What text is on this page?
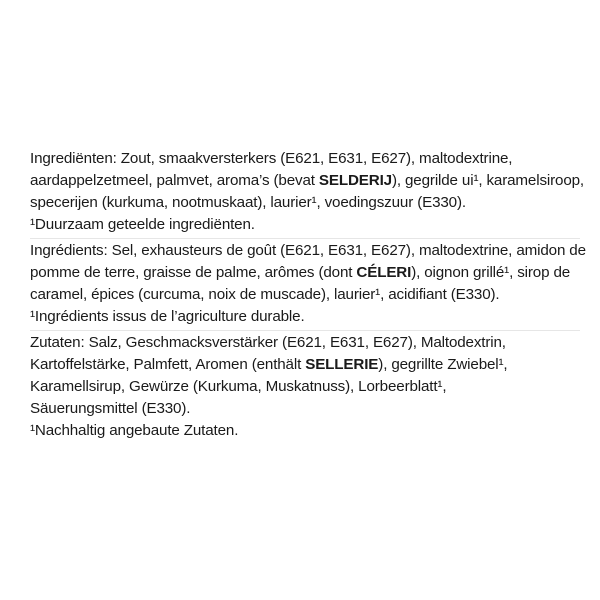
Ingrediënten: Zout, smaakversterkers (E621, E631, E627), maltodextrine,
aardappelzetmeel, palmvet, aroma’s (bevat SELDERIJ), gegrilde ui¹, karamelsiroop,
specerijen (kurkuma, nootmuskaat), laurier¹, voedingszuur (E330).
¹Duurzaam geteelde ingrediënten.
Ingrédients: Sel, exhausteurs de goût (E621, E631, E627), maltodextrine, amidon de
pomme de terre, graisse de palme, arômes (dont CÉLERI), oignon grillé¹, sirop de
caramel, épices (curcuma, noix de muscade), laurier¹, acidifiant (E330).
¹Ingrédients issus de l’agriculture durable.
Zutaten: Salz, Geschmacksverstärker (E621, E631, E627), Maltodextrin,
Kartoffelstärke, Palmfett, Aromen (enthält SELLERIE), gegrillte Zwiebel¹,
Karamellsirup, Gewürze (Kurkuma, Muskatnuss), Lorbeerblatt¹,
Säuerungsmittel (E330).
¹Nachhaltig angebaute Zutaten.
